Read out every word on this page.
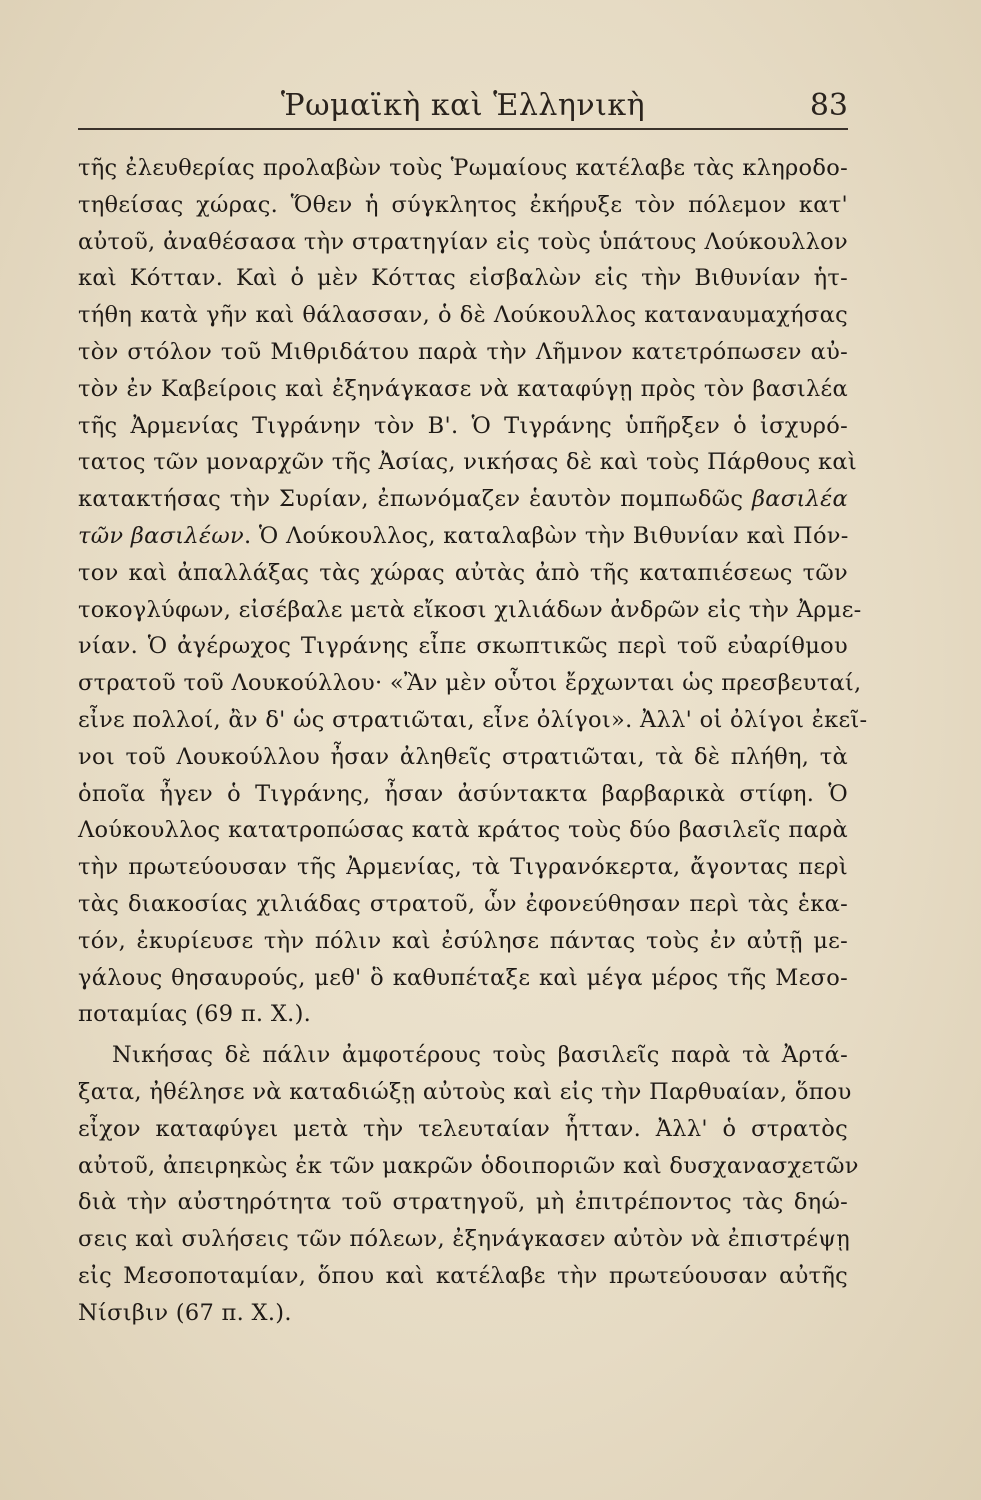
Ῥωμαϊκὴ καὶ Ἑλληνικὴ	83
τῆς ἐλευθερίας προλαβὼν τοὺς Ῥωμαίους κατέλαβε τὰς κληροδο-
τηθείσας χώρας. Ὅθεν ἡ σύγκλητος ἐκήρυξε τὸν πόλεμον κατ'
αὐτοῦ, ἀναθέσασα τὴν στρατηγίαν εἰς τοὺς ὑπάτους Λούκουλλον
καὶ Κότταν. Καὶ ὁ μὲν Κόττας εἰσβαλὼν εἰς τὴν Βιθυνίαν ἡτ-
τήθη κατὰ γῆν καὶ θάλασσαν, ὁ δὲ Λούκουλλος καταναυμαχήσας
τὸν στόλον τοῦ Μιθριδάτου παρὰ τὴν Λῆμνον κατετρόπωσεν αὐ-
τὸν ἐν Καβείροις καὶ ἐξηνάγκασε νὰ καταφύγῃ πρὸς τὸν βασιλέα
τῆς Ἀρμενίας Τιγράνην τὸν Β'. Ὁ Τιγράνης ὑπῆρξεν ὁ ἰσχυρό-
τατος τῶν μοναρχῶν τῆς Ἀσίας, νικήσας δὲ καὶ τοὺς Πάρθους καὶ
κατακτήσας τὴν Συρίαν, ἐπωνόμαζεν ἑαυτὸν πομπωδῶς βασιλέα
τῶν βασιλέων. Ὁ Λούκουλλος, καταλαβὼν τὴν Βιθυνίαν καὶ Πόν-
τον καὶ ἀπαλλάξας τὰς χώρας αὐτὰς ἀπὸ τῆς καταπιέσεως τῶν
τοκογλύφων, εἰσέβαλε μετὰ εἴκοσι χιλιάδων ἀνδρῶν εἰς τὴν Ἀρμε-
νίαν. Ὁ ἀγέρωχος Τιγράνης εἶπε σκωπτικῶς περὶ τοῦ εὐαρίθμου
στρατοῦ τοῦ Λουκούλλου· «Ἂν μὲν οὗτοι ἔρχωνται ὡς πρεσβευταί,
εἶνε πολλοί, ἂν δ' ὡς στρατιῶται, εἶνε ὀλίγοι». Ἀλλ' οἱ ὀλίγοι ἐκεῖ-
νοι τοῦ Λουκούλλου ἦσαν ἀληθεῖς στρατιῶται, τὰ δὲ πλήθη, τὰ
ὁποῖα ἦγεν ὁ Τιγράνης, ἦσαν ἀσύντακτα βαρβαρικὰ στίφη. Ὁ
Λούκουλλος κατατροπώσας κατὰ κράτος τοὺς δύο βασιλεῖς παρὰ
τὴν πρωτεύουσαν τῆς Ἀρμενίας, τὰ Τιγρανόκερτα, ἄγοντας περὶ
τὰς διακοσίας χιλιάδας στρατοῦ, ὧν ἐφονεύθησαν περὶ τὰς ἑκα-
τόν, ἐκυρίευσε τὴν πόλιν καὶ ἐσύλησε πάντας τοὺς ἐν αὐτῇ με-
γάλους θησαυρούς, μεθ' ὃ καθυπέταξε καὶ μέγα μέρος τῆς Μεσο-
ποταμίας (69 π. Χ.).
Νικήσας δὲ πάλιν ἀμφοτέρους τοὺς βασιλεῖς παρὰ τὰ Ἀρτά-
ξατα, ἠθέλησε νὰ καταδιώξῃ αὐτοὺς καὶ εἰς τὴν Παρθυαίαν, ὅπου
εἶχον καταφύγει μετὰ τὴν τελευταίαν ἧτταν. Ἀλλ' ὁ στρατὸς
αὐτοῦ, ἀπειρηκὼς ἐκ τῶν μακρῶν ὁδοιποριῶν καὶ δυσχανασχετῶν
διὰ τὴν αὐστηρότητα τοῦ στρατηγοῦ, μὴ ἐπιτρέποντος τὰς δηώ-
σεις καὶ συλήσεις τῶν πόλεων, ἐξηνάγκασεν αὐτὸν νὰ ἐπιστρέψῃ
εἰς Μεσοποταμίαν, ὅπου καὶ κατέλαβε τὴν πρωτεύουσαν αὐτῆς
Νίσιβιν (67 π. Χ.).
